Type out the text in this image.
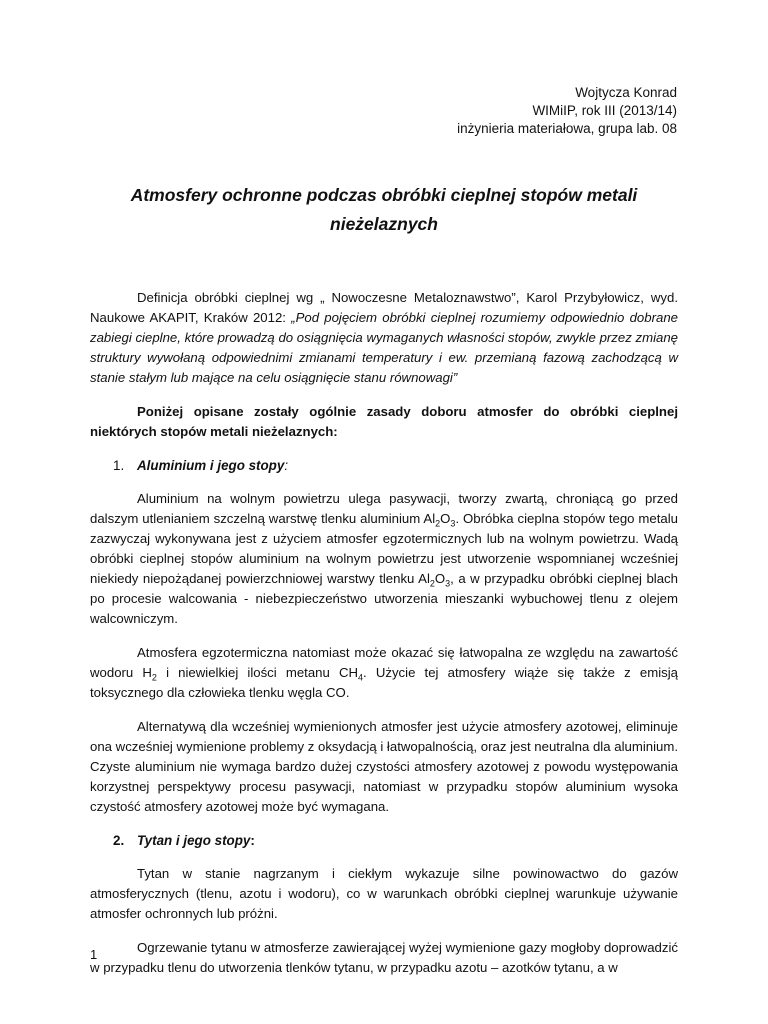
Wojtycza Konrad
WIMiIP, rok III (2013/14)
inżynieria materiałowa, grupa lab. 08
Atmosfery ochronne podczas obróbki cieplnej stopów metali
nieżelaznych

Definicja obróbki cieplnej wg „ Nowoczesne Metaloznawstwo”, Karol Przybyłowicz, wyd. Naukowe AKAPIT, Kraków 2012: „Pod pojęciem obróbki cieplnej rozumiemy odpowiednio dobrane zabiegi cieplne, które prowadzą do osiągnięcia wymaganych własności stopów, zwykle przez zmianę struktury wywołaną odpowiednimi zmianami temperatury i ew. przemianą fazową zachodzącą w stanie stałym lub mające na celu osiągnięcie stanu równowagi”

Poniżej opisane zostały ogólnie zasady doboru atmosfer do obróbki cieplnej niektórych stopów metali nieżelaznych:

1. Aluminium i jego stopy:

Aluminium na wolnym powietrzu ulega pasywacji, tworzy zwartą, chroniącą go przed dalszym utlenianiem szczelną warstwę tlenku aluminium $Al_2O_3$. Obróbka cieplna stopów tego metalu zazwyczaj wykonywana jest z użyciem atmosfer egzotermicznych lub na wolnym powietrzu. Wadą obróbki cieplnej stopów aluminium na wolnym powietrzu jest utworzenie wspomnianej wcześniej niekiedy niepożądanej powierzchniowej warstwy tlenku $Al_2O_3$, a w przypadku obróbki cieplnej blach po procesie walcowania - niebezpieczeństwo utworzenia mieszanki wybuchowej tlenu z olejem walcowniczym.

Atmosfera egzotermiczna natomiast może okazać się łatwopalna ze względu na zawartość wodoru $H_2$ i niewielkiej ilości metanu $CH_4$. Użycie tej atmosfery wiąże się także z emisją toksycznego dla człowieka tlenku węgla CO.

Alternatywą dla wcześniej wymienionych atmosfer jest użycie atmosfery azotowej, eliminuje ona wcześniej wymienione problemy z oksydacją i łatwopalnością, oraz jest neutralna dla aluminium. Czyste aluminium nie wymaga bardzo dużej czystości atmosfery azotowej z powodu występowania korzystnej perspektywy procesu pasywacji, natomiast w przypadku stopów aluminium wysoka czystość atmosfery azotowej może być wymagana.

2. Tytan i jego stopy:

Tytan w stanie nagrzanym i ciekłym wykazuje silne powinowactwo do gazów atmosferycznych (tlenu, azotu i wodoru), co w warunkach obróbki cieplnej warunkuje używanie atmosfer ochronnych lub próżni.

Ogrzewanie tytanu w atmosferze zawierającej wyżej wymienione gazy mogłoby doprowadzić w przypadku tlenu do utworzenia tlenków tytanu, w przypadku azotu – azotków tytanu, a w

1
